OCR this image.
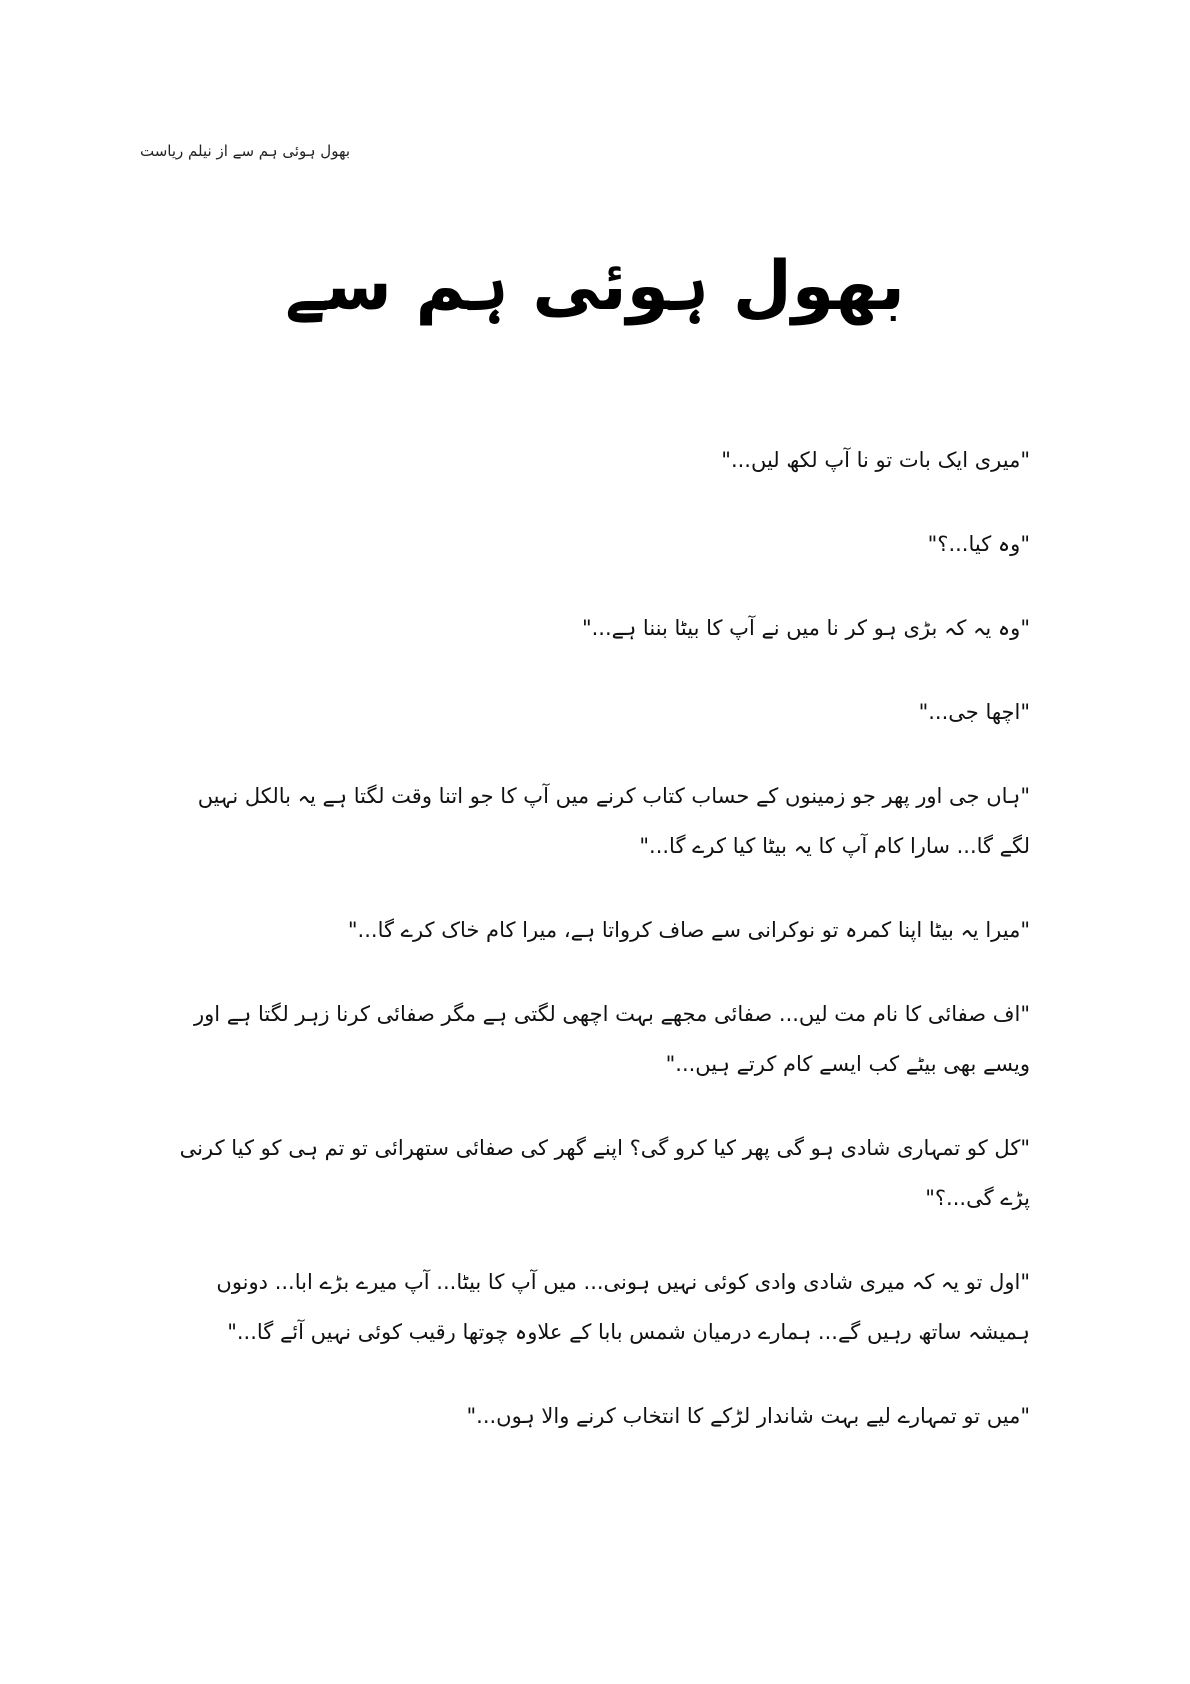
بھول ہوئی ہم سے از نیلم ریاست
بھول ہوئی ہم سے

"میری ایک بات تو نا آپ لکھ لیں..."

"وہ کیا...؟"

"وہ یہ کہ بڑی ہو کر نا میں نے آپ کا بیٹا بننا ہے..."

"اچھا جی..."

"ہاں جی اور پھر جو زمینوں کے حساب کتاب کرنے میں آپ کا جو اتنا وقت لگتا ہے یہ بالکل نہیں لگے گا... سارا کام آپ کا یہ بیٹا کیا کرے گا..."

"میرا یہ بیٹا اپنا کمرہ تو نوکرانی سے صاف کرواتا ہے، میرا کام خاک کرے گا..."

"اف صفائی کا نام مت لیں... صفائی مجھے بہت اچھی لگتی ہے مگر صفائی کرنا زہر لگتا ہے اور ویسے بھی بیٹے کب ایسے کام کرتے ہیں..."

"کل کو تمہاری شادی ہو گی پھر کیا کرو گی؟ اپنے گھر کی صفائی ستھرائی تو تم ہی کو کیا کرنی پڑے گی...؟"

"اول تو یہ کہ میری شادی وادی کوئی نہیں ہونی... میں آپ کا بیٹا... آپ میرے بڑے ابا... دونوں ہمیشہ ساتھ رہیں گے... ہمارے درمیان شمس بابا کے علاوہ چوتھا رقیب کوئی نہیں آئے گا..."

"میں تو تمہارے لیے بہت شاندار لڑکے کا انتخاب کرنے والا ہوں..."
